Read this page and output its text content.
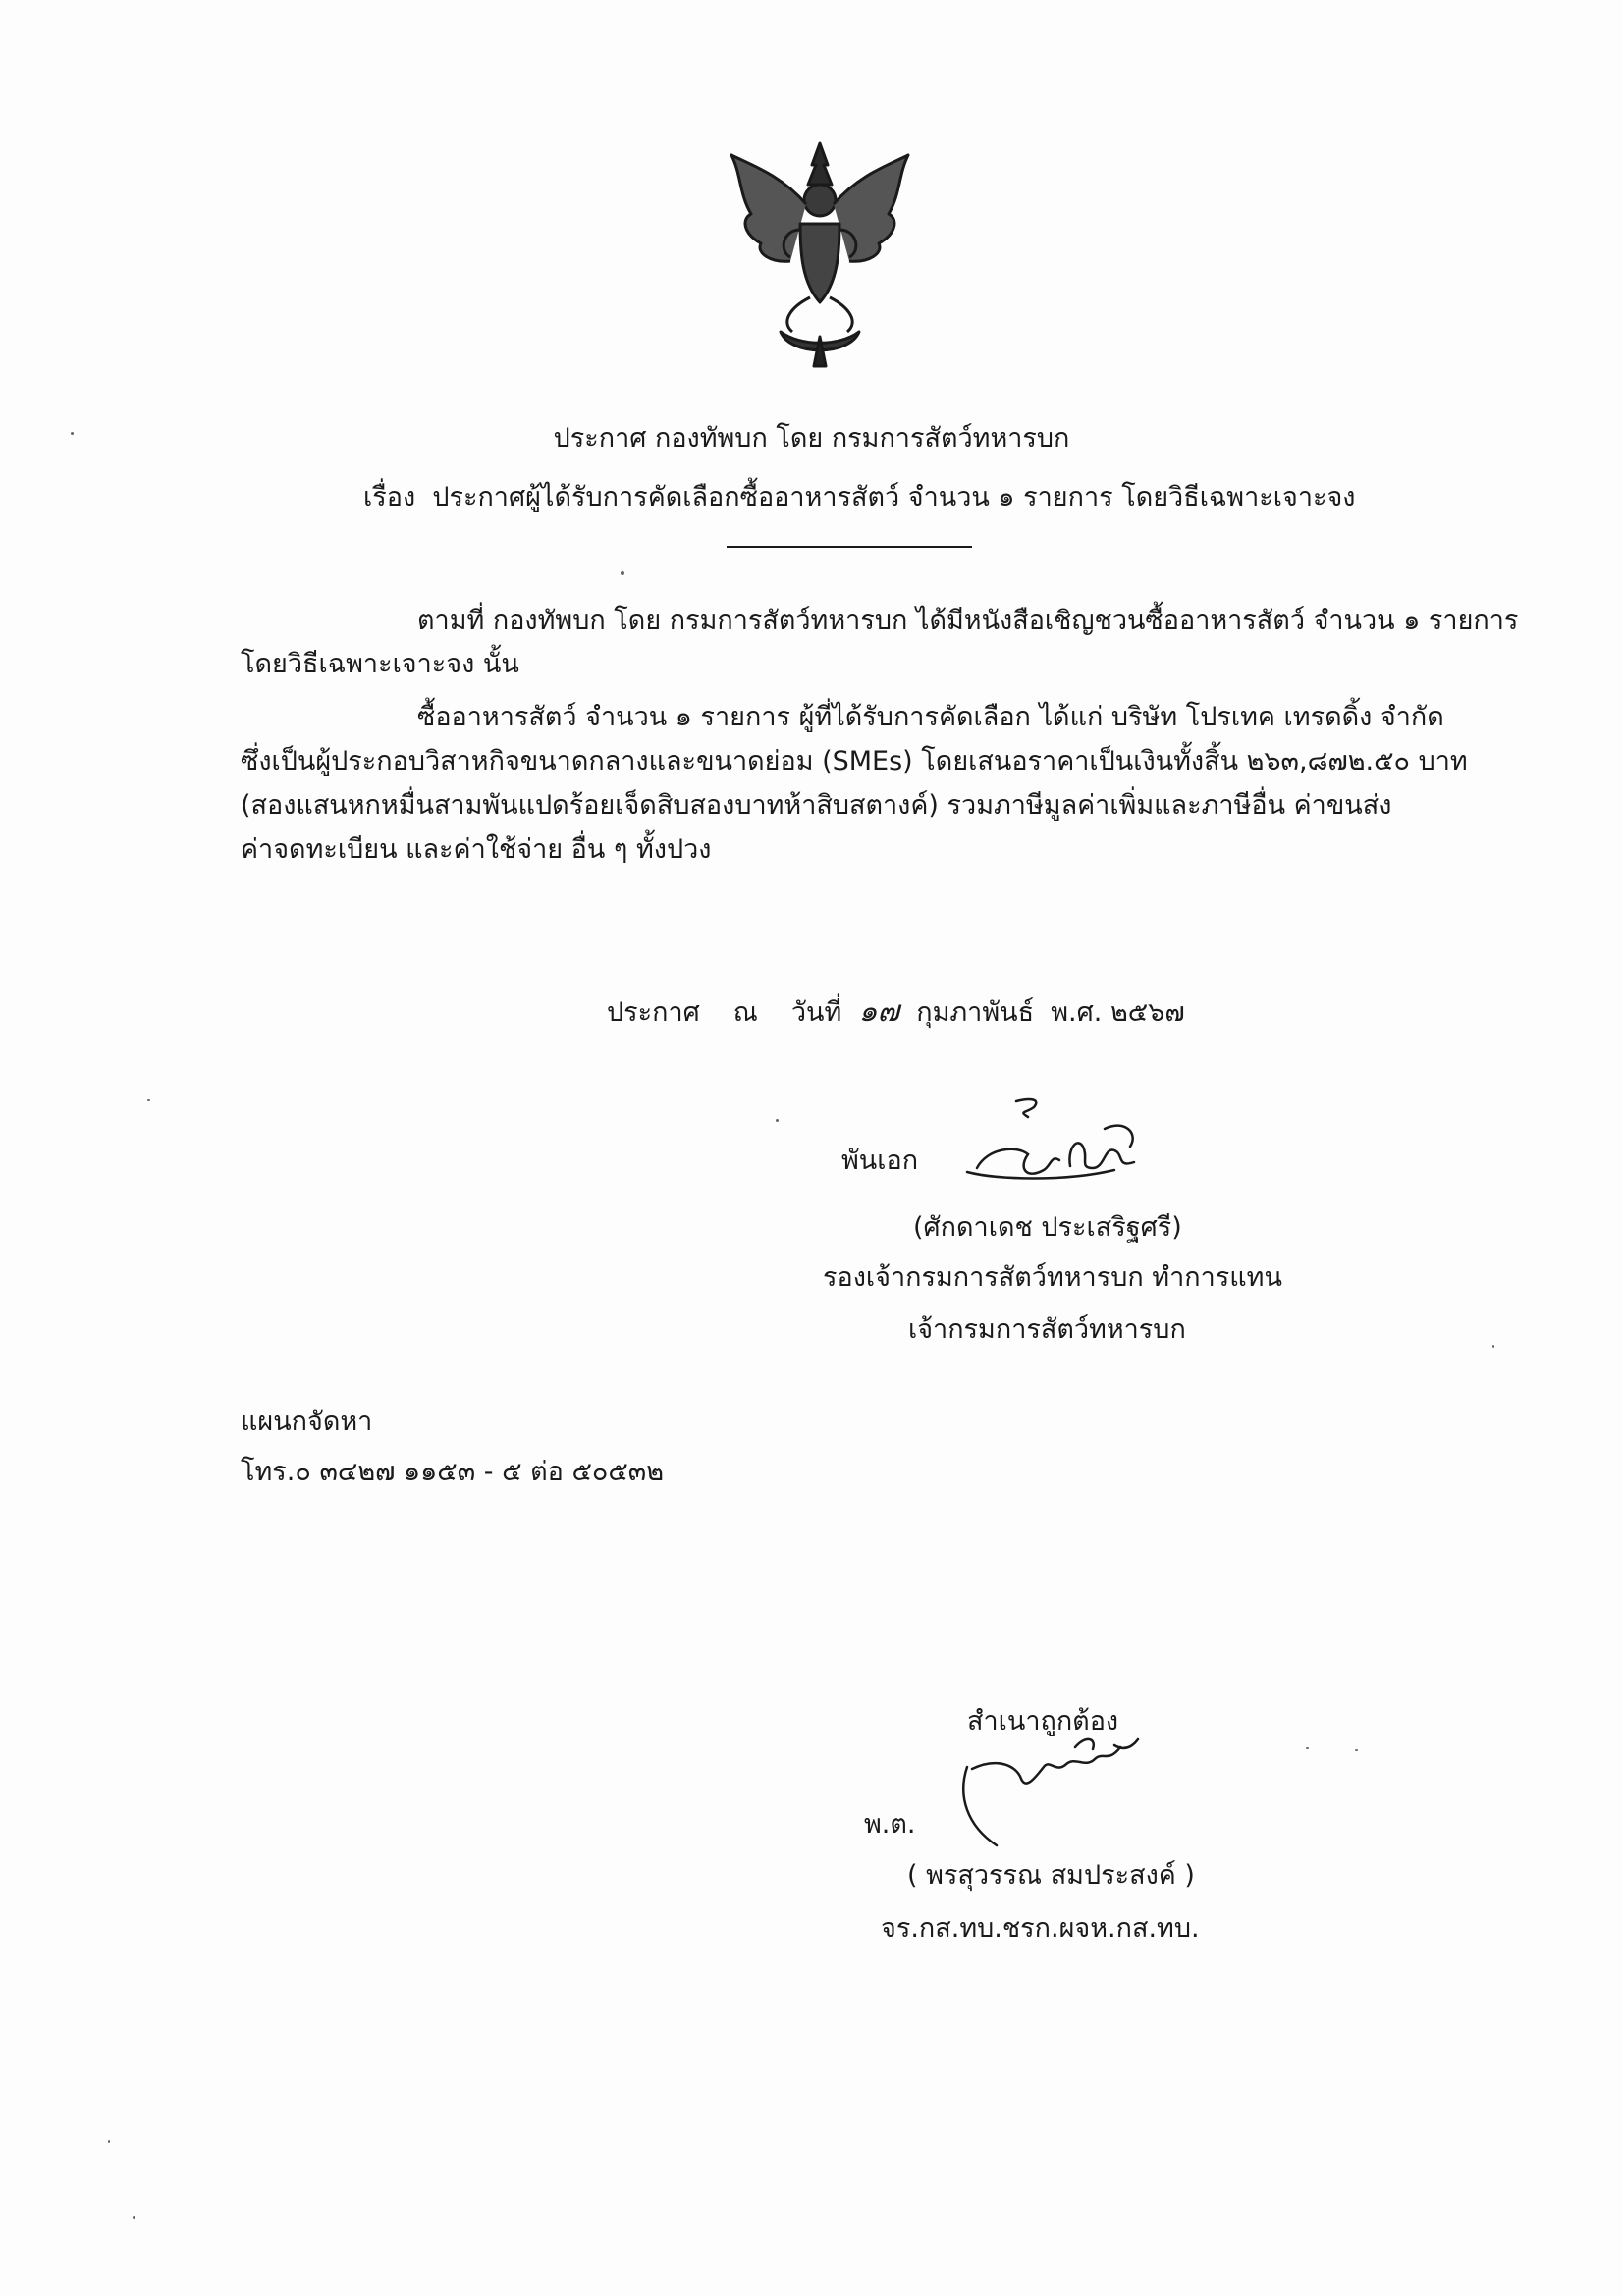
ประกาศ กองทัพบก โดย กรมการสัตว์ทหารบก
เรื่อง ประกาศผู้ได้รับการคัดเลือกซื้ออาหารสัตว์ จำนวน ๑ รายการ โดยวิธีเฉพาะเจาะจง
ตามที่ กองทัพบก โดย กรมการสัตว์ทหารบก ได้มีหนังสือเชิญชวนซื้ออาหารสัตว์ จำนวน ๑ รายการ
โดยวิธีเฉพาะเจาะจง นั้น
ซื้ออาหารสัตว์ จำนวน ๑ รายการ ผู้ที่ได้รับการคัดเลือก ได้แก่ บริษัท โปรเทค เทรดดิ้ง จำกัด
ซึ่งเป็นผู้ประกอบวิสาหกิจขนาดกลางและขนาดย่อม (SMEs) โดยเสนอราคาเป็นเงินทั้งสิ้น ๒๖๓,๘๗๒.๕๐ บาท
(สองแสนหกหมื่นสามพันแปดร้อยเจ็ดสิบสองบาทห้าสิบสตางค์) รวมภาษีมูลค่าเพิ่มและภาษีอื่น ค่าขนส่ง
ค่าจดทะเบียน และค่าใช้จ่าย อื่น ๆ ทั้งปวง
ประกาศ ณ วันที่ ๑๗ กุมภาพันธ์ พ.ศ. ๒๕๖๗
พันเอก
(ศักดาเดช ประเสริฐศรี)
รองเจ้ากรมการสัตว์ทหารบก ทำการแทน
เจ้ากรมการสัตว์ทหารบก
แผนกจัดหา
โทร.๐ ๓๔๒๗ ๑๑๕๓ - ๕ ต่อ ๕๐๕๓๒
สำเนาถูกต้อง
พ.ต.
( พรสุวรรณ สมประสงค์ )
จร.กส.ทบ.ชรก.ผจห.กส.ทบ.
